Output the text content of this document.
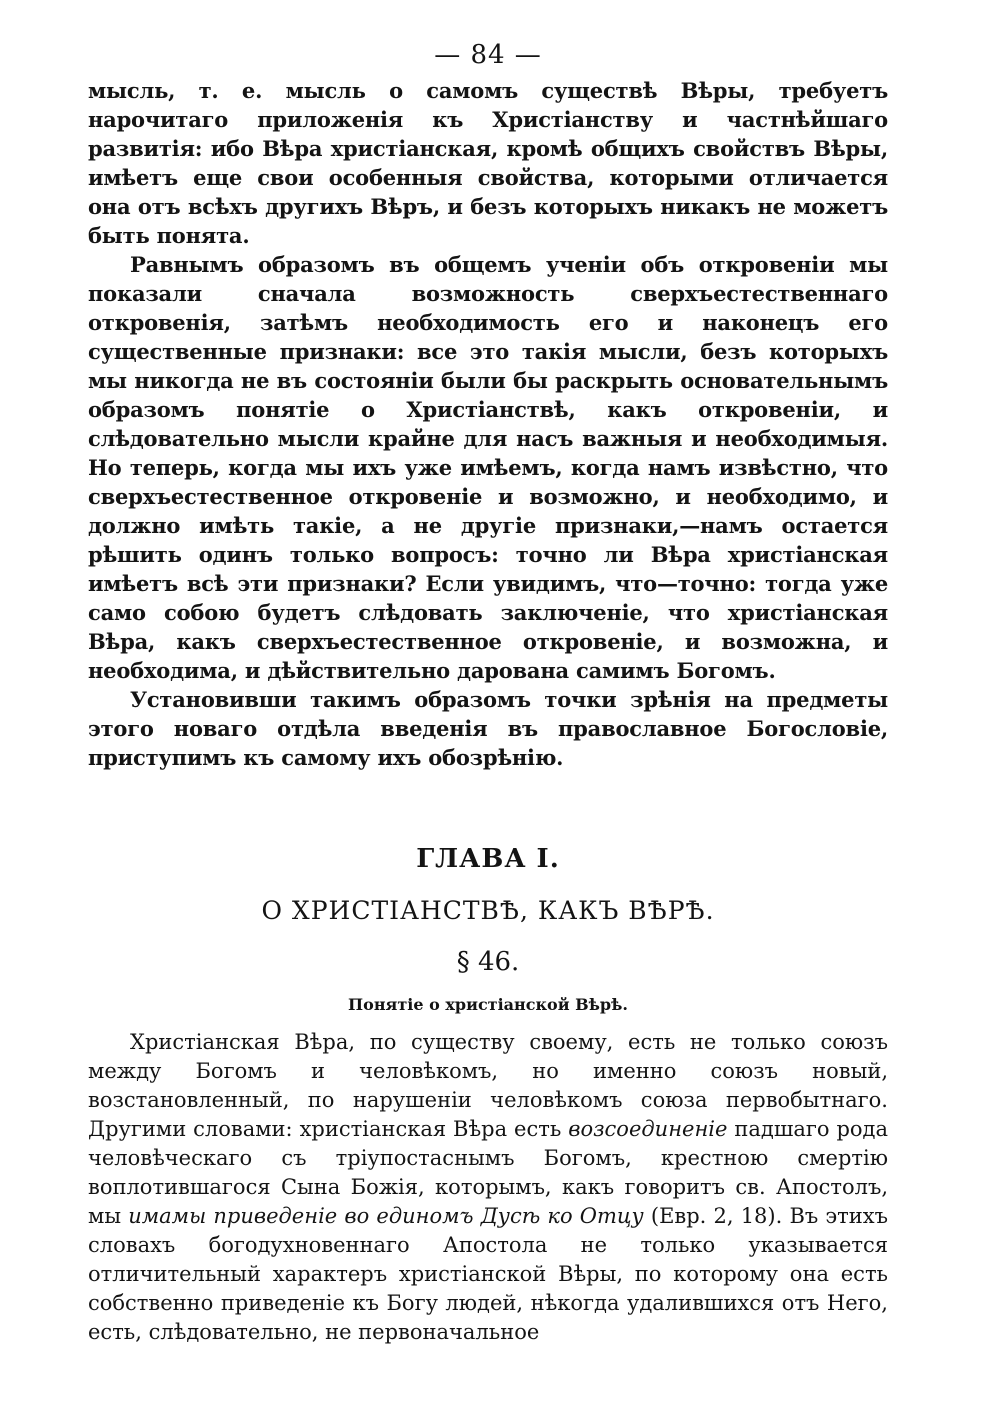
— 84 —

мысль, т. е. мысль о самомъ существѣ Вѣры, требуетъ нарочитаго приложенія къ Христіанству и частнѣйшаго развитія: ибо Вѣра христіанская, кромѣ общихъ свойствъ Вѣры, имѣетъ еще свои особенныя свойства, которыми отличается она отъ всѣхъ другихъ Вѣръ, и безъ которыхъ никакъ не можетъ быть понята.

Равнымъ образомъ въ общемъ ученіи объ откровеніи мы показали сначала возможность сверхъестественнаго откровенія, затѣмъ необходимость его и наконецъ его существенные признаки: все это такія мысли, безъ которыхъ мы никогда не въ состояніи были бы раскрыть основательнымъ образомъ понятіе о Христіанствѣ, какъ откровеніи, и слѣдовательно мысли крайне для насъ важныя и необходимыя. Но теперь, когда мы ихъ уже имѣемъ, когда намъ извѣстно, что сверхъестественное откровеніе и возможно, и необходимо, и должно имѣть такіе, а не другіе признаки,—намъ остается рѣшить одинъ только вопросъ: точно ли Вѣра христіанская имѣетъ всѣ эти признаки? Если увидимъ, что—точно: тогда уже само собою будетъ слѣдовать заключеніе, что христіанская Вѣра, какъ сверхъестественное откровеніе, и возможна, и необходима, и дѣйствительно дарована самимъ Богомъ.

Установивши такимъ образомъ точки зрѣнія на предметы этого новаго отдѣла введенія въ православное Богословіе, приступимъ къ самому ихъ обозрѣнію.

ГЛАВА I.
О ХРИСТІАНСТВѢ, КАКЪ ВѢРѢ.
§ 46.
Понятіе о христіанской Вѣрѣ.

Христіанская Вѣра, по существу своему, есть не только союзъ между Богомъ и человѣкомъ, но именно союзъ новый, возстановленный, по нарушеніи человѣкомъ союза первобытнаго. Другими словами: христіанская Вѣра есть возсоединеніе падшаго рода человѣческаго съ тріупостаснымъ Богомъ, крестною смертію воплотившагося Сына Божія, которымъ, какъ говоритъ св. Апостолъ, мы имамы приведеніе во единомъ Дусѣ ко Отцу (Евр. 2, 18). Въ этихъ словахъ богодухновеннаго Апостола не только указывается отличительный характеръ христіанской Вѣры, по которому она есть собственно приведеніе къ Богу людей, нѣкогда удалившихся отъ Него, есть, слѣдовательно, не первоначальное
